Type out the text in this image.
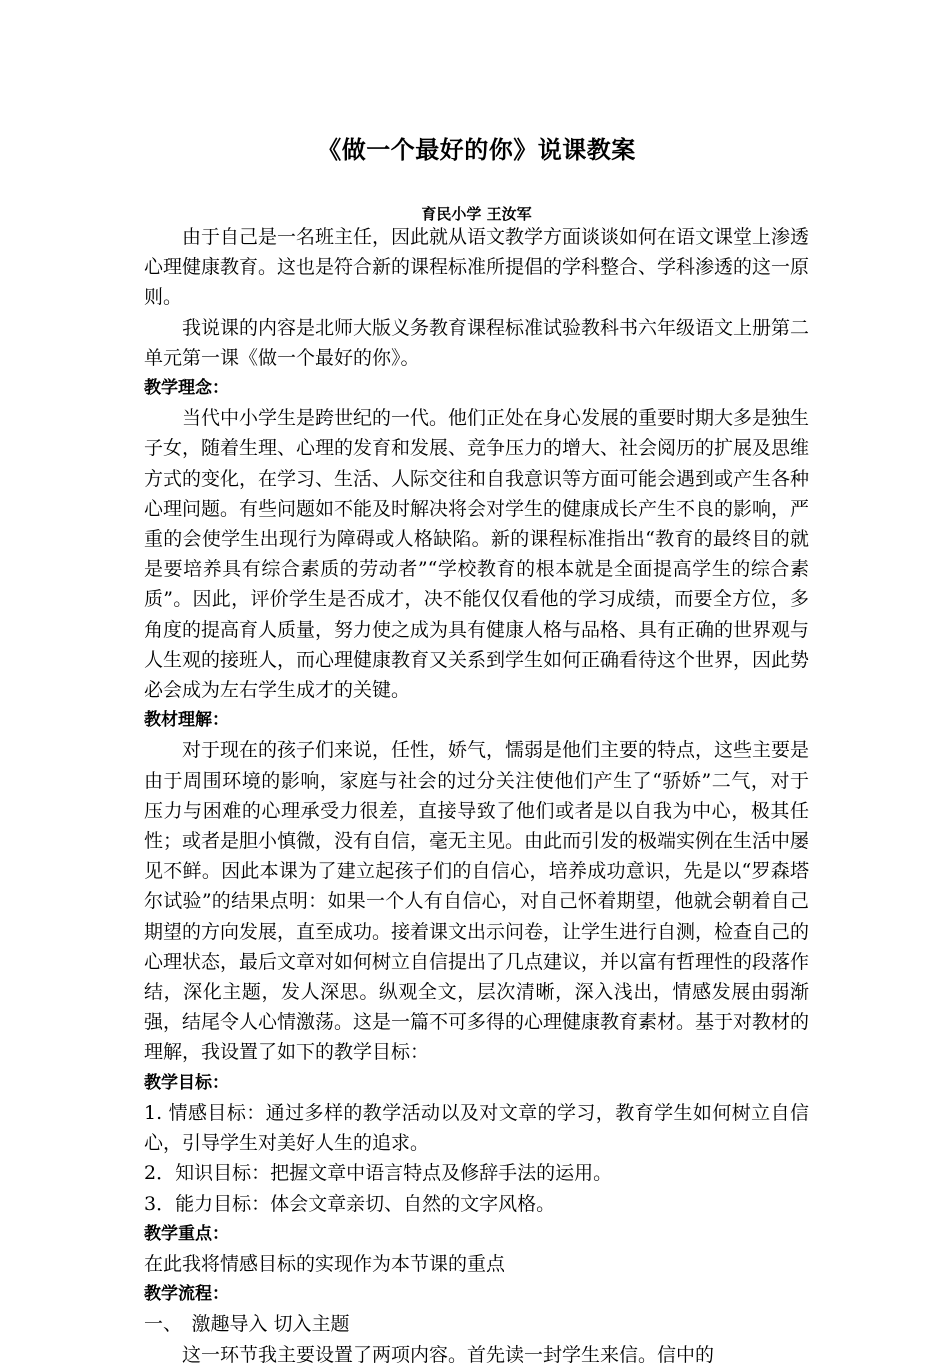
《做一个最好的你》说课教案

育民小学 王汝军

由于自己是一名班主任，因此就从语文教学方面谈谈如何在语文课堂上渗透心理健康教育。这也是符合新的课程标准所提倡的学科整合、学科渗透的这一原则。

我说课的内容是北师大版义务教育课程标准试验教科书六年级语文上册第二单元第一课《做一个最好的你》。

教学理念：

当代中小学生是跨世纪的一代。他们正处在身心发展的重要时期大多是独生子女，随着生理、心理的发育和发展、竞争压力的增大、社会阅历的扩展及思维方式的变化，在学习、生活、人际交往和自我意识等方面可能会遇到或产生各种心理问题。有些问题如不能及时解决将会对学生的健康成长产生不良的影响，严重的会使学生出现行为障碍或人格缺陷。新的课程标准指出“教育的最终目的就是要培养具有综合素质的劳动者”“学校教育的根本就是全面提高学生的综合素质”。因此，评价学生是否成才，决不能仅仅看他的学习成绩，而要全方位，多角度的提高育人质量，努力使之成为具有健康人格与品格、具有正确的世界观与人生观的接班人，而心理健康教育又关系到学生如何正确看待这个世界，因此势必会成为左右学生成才的关键。

教材理解：

对于现在的孩子们来说，任性，娇气，懦弱是他们主要的特点，这些主要是由于周围环境的影响，家庭与社会的过分关注使他们产生了“骄娇”二气，对于压力与困难的心理承受力很差，直接导致了他们或者是以自我为中心，极其任性；或者是胆小慎微，没有自信，毫无主见。由此而引发的极端实例在生活中屡见不鲜。因此本课为了建立起孩子们的自信心，培养成功意识，先是以“罗森塔尔试验”的结果点明：如果一个人有自信心，对自己怀着期望，他就会朝着自己期望的方向发展，直至成功。接着课文出示问卷，让学生进行自测，检查自己的心理状态，最后文章对如何树立自信提出了几点建议，并以富有哲理性的段落作结，深化主题，发人深思。纵观全文，层次清晰，深入浅出，情感发展由弱渐强，结尾令人心情激荡。这是一篇不可多得的心理健康教育素材。基于对教材的理解，我设置了如下的教学目标：

教学目标：

1. 情感目标：通过多样的教学活动以及对文章的学习，教育学生如何树立自信心，引导学生对美好人生的追求。

2．知识目标：把握文章中语言特点及修辞手法的运用。

3．能力目标：体会文章亲切、自然的文字风格。

教学重点：

在此我将情感目标的实现作为本节课的重点

教学流程：

一、　激趣导入 切入主题

这一环节我主要设置了两项内容。首先读一封学生来信。信中的
